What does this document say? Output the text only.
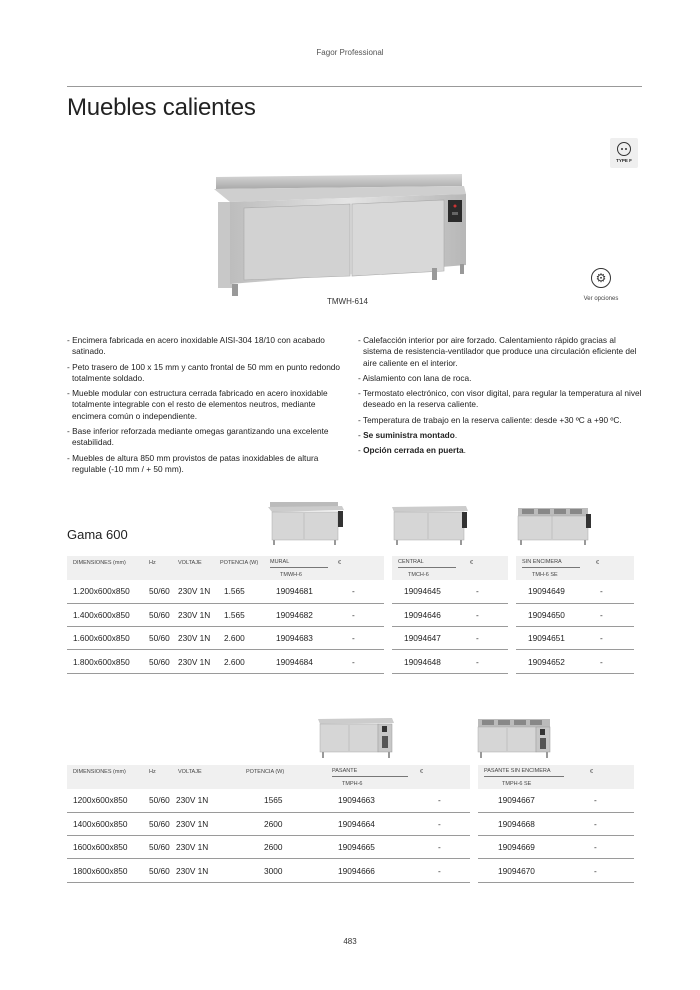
Fagor Professional
Muebles calientes
TYPE F
TMWH-614
⚙
Ver opciones
- Encimera fabricada en acero inoxidable AISI-304 18/10 con acabado satinado.
- Peto trasero de 100 x 15 mm y canto frontal de 50 mm en punto redondo totalmente soldado.
- Mueble modular con estructura cerrada fabricado en acero inoxidable totalmente integrable con el resto de elementos neutros, mediante encimera común o independiente.
- Base inferior reforzada mediante omegas garantizando una excelente estabilidad.
- Muebles de altura 850 mm provistos de patas inoxidables de altura regulable (-10 mm / + 50 mm).
- Calefacción interior por aire forzado. Calentamiento rápido gracias al sistema de resistencia-ventilador que produce una circulación eficiente del aire caliente en el interior.
- Aislamiento con lana de roca.
- Termostato electrónico, con visor digital, para regular la temperatura al nivel deseado en la reserva caliente.
- Temperatura de trabajo en la reserva caliente: desde +30 ºC a +90 ºC.
- Se suministra montado.
- Opción cerrada en puerta.
Gama 600
DIMENSIONES (mm)	Hz	VOLTAJE	POTENCIA (W)	MURAL	€		CENTRAL	€		SIN ENCIMERA	€
				TMWH-6			TMCH-6			TMH-6 SE	
1.200x600x850	50/60	230V 1N	1.565	19094681	-		19094645	-		19094649	-
1.400x600x850	50/60	230V 1N	1.565	19094682	-		19094646	-		19094650	-
1.600x600x850	50/60	230V 1N	2.600	19094683	-		19094647	-		19094651	-
1.800x600x850	50/60	230V 1N	2.600	19094684	-		19094648	-		19094652	-
DIMENSIONES (mm)	Hz	VOLTAJE	POTENCIA (W)	PASANTE	€		PASANTE SIN ENCIMERA	€
				TMPH-6			TMPH-6 SE	
1200x600x850	50/60	230V 1N	1565	19094663	-		19094667	-
1400x600x850	50/60	230V 1N	2600	19094664	-		19094668	-
1600x600x850	50/60	230V 1N	2600	19094665	-		19094669	-
1800x600x850	50/60	230V 1N	3000	19094666	-		19094670	-
483
